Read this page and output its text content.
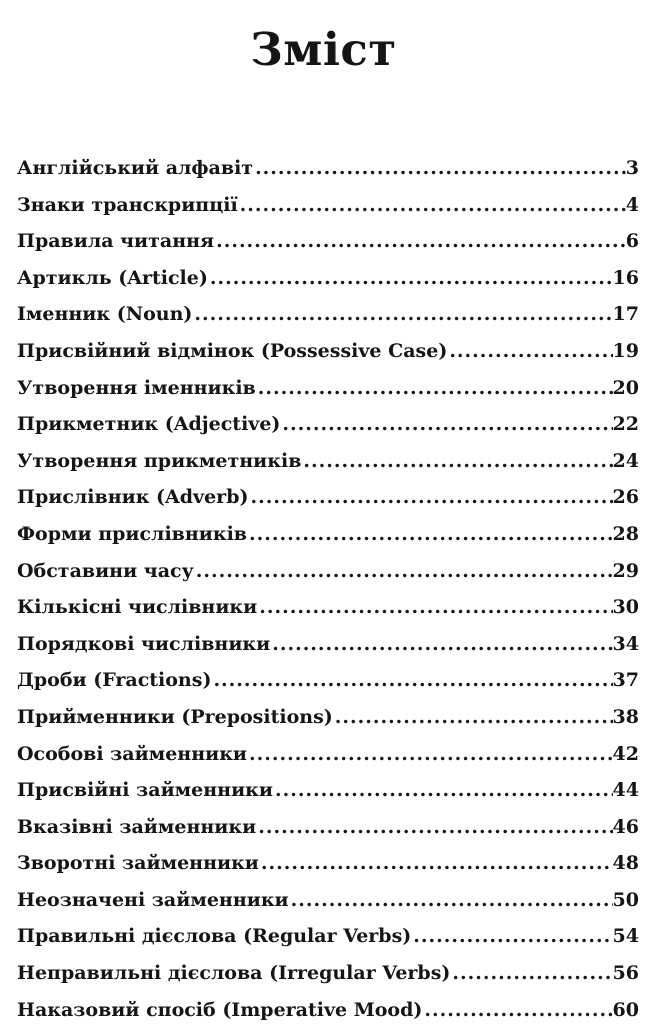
Зміст
Англійський алфавіт .....	3
Знаки транскрипції .....	4
Правила читання .....	6
Артикль (Article) .....	16
Іменник (Noun) .....	17
Присвійний відмінок (Possessive Case) .....	19
Утворення іменників .....	20
Прикметник (Adjective) .....	22
Утворення прикметників .....	24
Прислівник (Adverb) .....	26
Форми прислівників .....	28
Обставини часу .....	29
Кількісні числівники .....	30
Порядкові числівники .....	34
Дроби (Fractions) .....	37
Прийменники (Prepositions) .....	38
Особові займенники .....	42
Присвійні займенники .....	44
Вказівні займенники .....	46
Зворотні займенники .....	48
Неозначені займенники .....	50
Правильні дієслова (Regular Verbs) .....	54
Неправильні дієслова (Irregular Verbs) .....	56
Наказовий спосіб (Imperative Mood) .....	60
